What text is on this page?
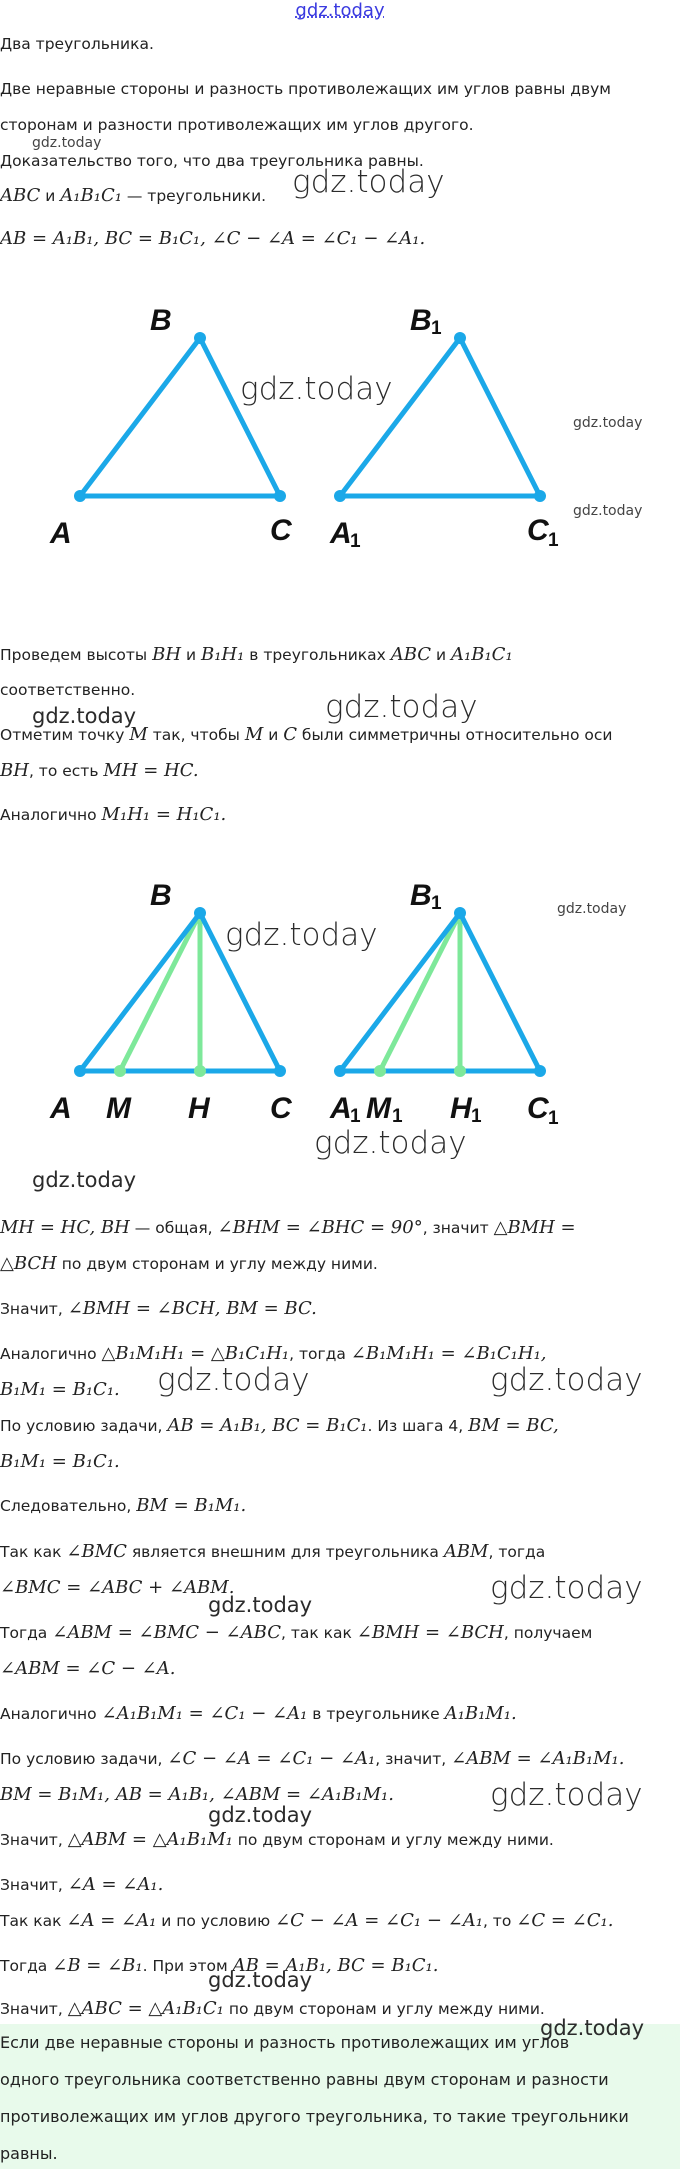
gdz.today

Два треугольника.

Две неравные стороны и разность противолежащих им углов равны двум

сторонам и разности противолежащих им углов другого.

Доказательство того, что два треугольника равны.

ABC и A₁B₁C₁ — треугольники.

AB = A₁B₁, BC = B₁C₁, ∠C − ∠A = ∠C₁ − ∠A₁.

B
A	C
B 1
A
1	C 1

Проведем высоты BH и B₁H₁ в треугольниках ABC и A₁B₁C₁

соответственно.

Отметим точку M так, чтобы M и C были симметричны относительно оси

BH, то есть MH = HC.

Аналогично M₁H₁ = H₁C₁.

B
A M H C
B 1
A
1 M 1 H 1 C 1

MH = HC, BH — общая, ∠BHM = ∠BHC = 90°, значит △BMH =

△BCH по двум сторонам и углу между ними.

Значит, ∠BMH = ∠BCH, BM = BC.

Аналогично △B₁M₁H₁ = △B₁C₁H₁, тогда ∠B₁M₁H₁ = ∠B₁C₁H₁,

B₁M₁ = B₁C₁.

По условию задачи, AB = A₁B₁, BC = B₁C₁. Из шага 4, BM = BC,

B₁M₁ = B₁C₁.

Следовательно, BM = B₁M₁.

Так как ∠BMC является внешним для треугольника ABM, тогда

∠BMC = ∠ABC + ∠ABM.

Тогда ∠ABM = ∠BMC − ∠ABC, так как ∠BMH = ∠BCH, получаем

∠ABM = ∠C − ∠A.

Аналогично ∠A₁B₁M₁ = ∠C₁ − ∠A₁ в треугольнике A₁B₁M₁.

По условию задачи, ∠C − ∠A = ∠C₁ − ∠A₁, значит, ∠ABM = ∠A₁B₁M₁.

BM = B₁M₁, AB = A₁B₁, ∠ABM = ∠A₁B₁M₁.

Значит, △ABM = △A₁B₁M₁ по двум сторонам и углу между ними.

Значит, ∠A = ∠A₁.

Так как ∠A = ∠A₁ и по условию ∠C − ∠A = ∠C₁ − ∠A₁, то ∠C = ∠C₁.

Тогда ∠B = ∠B₁. При этом AB = A₁B₁, BC = B₁C₁.

Значит, △ABC = △A₁B₁C₁ по двум сторонам и углу между ними.

Если две неравные стороны и разность противолежащих им углов

одного треугольника соответственно равны двум сторонам и разности

противолежащих им углов другого треугольника, то такие треугольники

равны.

gdz.today
gdz.today
gdz.today
gdz.today
gdz.today
gdz.today	gdz.today
gdz.today
gdz.today
gdz.today
gdz.today
gdz.today	gdz.today
gdz.today
gdz.today
gdz.today
gdz.today
gdz.today
gdz.today
